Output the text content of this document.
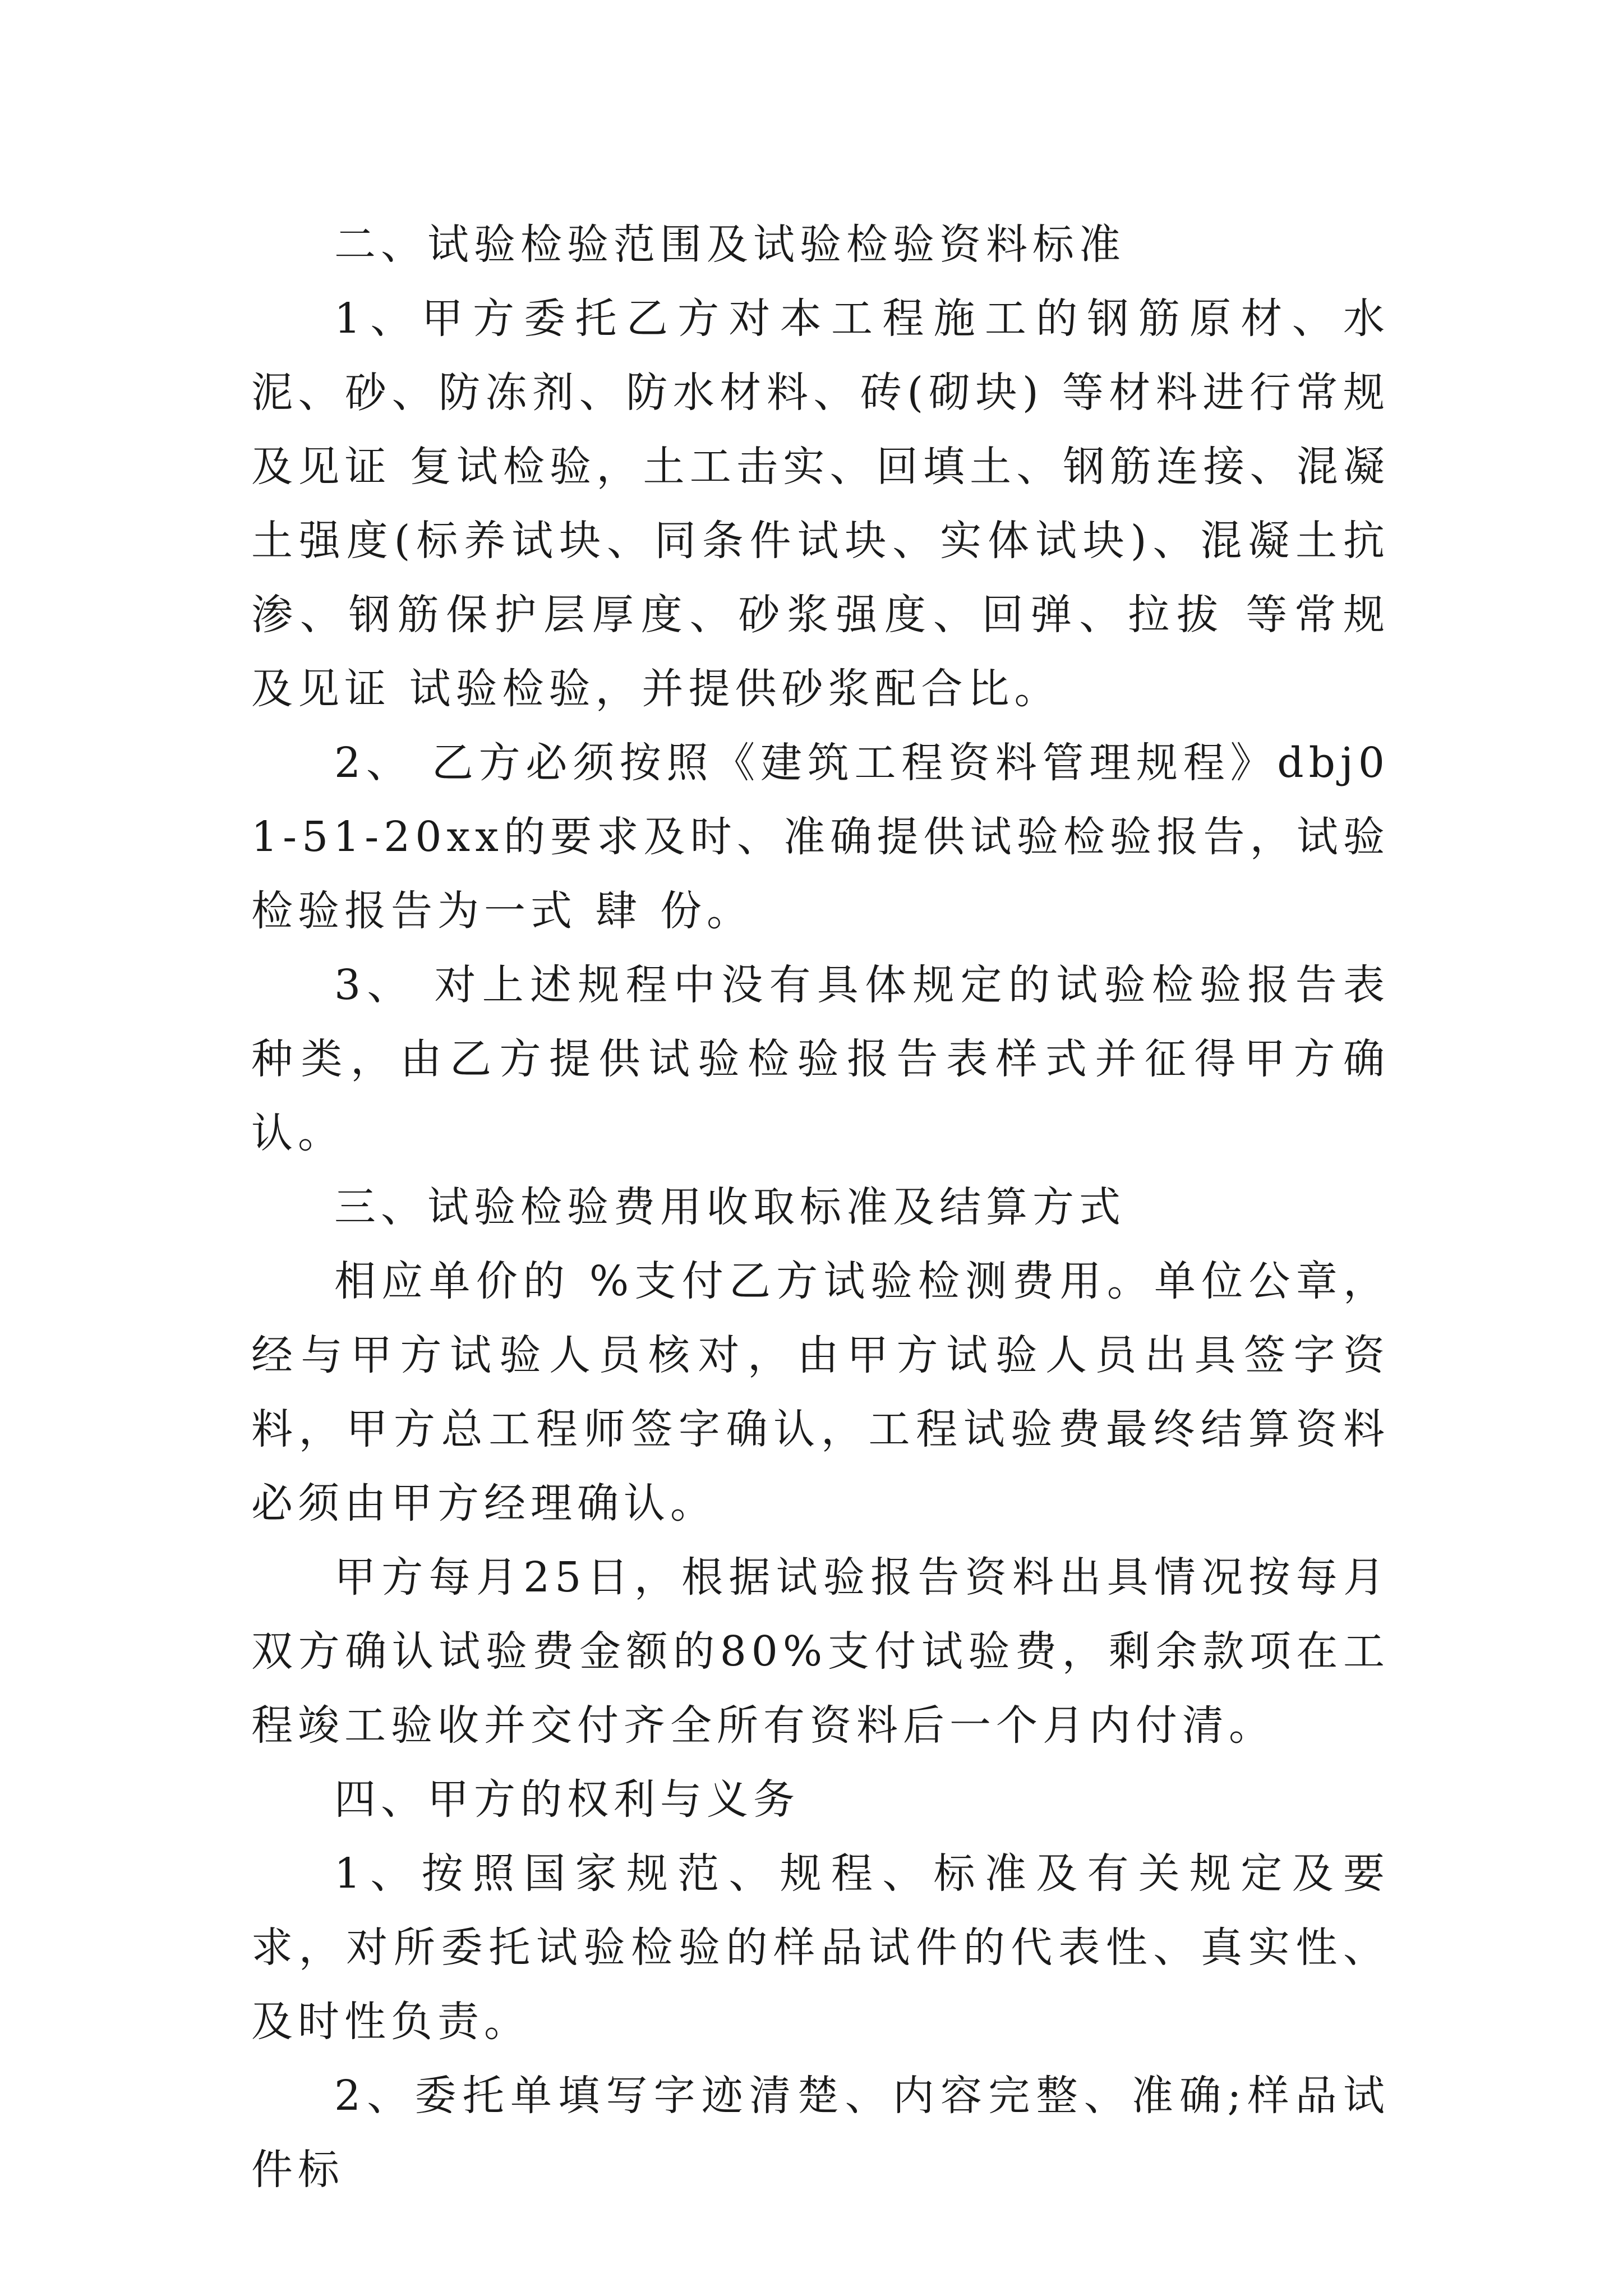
二、试验检验范围及试验检验资料标准

1、甲方委托乙方对本工程施工的钢筋原材、水泥、砂、防冻剂、防水材料、砖(砌块) 等材料进行常规 及见证 复试检验，土工击实、回填土、钢筋连接、混凝土强度(标养试块、同条件试块、实体试块)、混凝土抗渗、钢筋保护层厚度、砂浆强度、回弹、拉拔 等常规 及见证 试验检验，并提供砂浆配合比。

2、 乙方必须按照《建筑工程资料管理规程》dbj01-51-20xx的要求及时、准确提供试验检验报告，试验检验报告为一式 肆 份。

3、 对上述规程中没有具体规定的试验检验报告表种类，由乙方提供试验检验报告表样式并征得甲方确认。

三、试验检验费用收取标准及结算方式

相应单价的 %支付乙方试验检测费用。单位公章，经与甲方试验人员核对，由甲方试验人员出具签字资料，甲方总工程师签字确认，工程试验费最终结算资料必须由甲方经理确认。

甲方每月25日，根据试验报告资料出具情况按每月双方确认试验费金额的80%支付试验费，剩余款项在工程竣工验收并交付齐全所有资料后一个月内付清。

四、甲方的权利与义务

1、按照国家规范、规程、标准及有关规定及要求，对所委托试验检验的样品试件的代表性、真实性、及时性负责。

2、委托单填写字迹清楚、内容完整、准确;样品试件标
